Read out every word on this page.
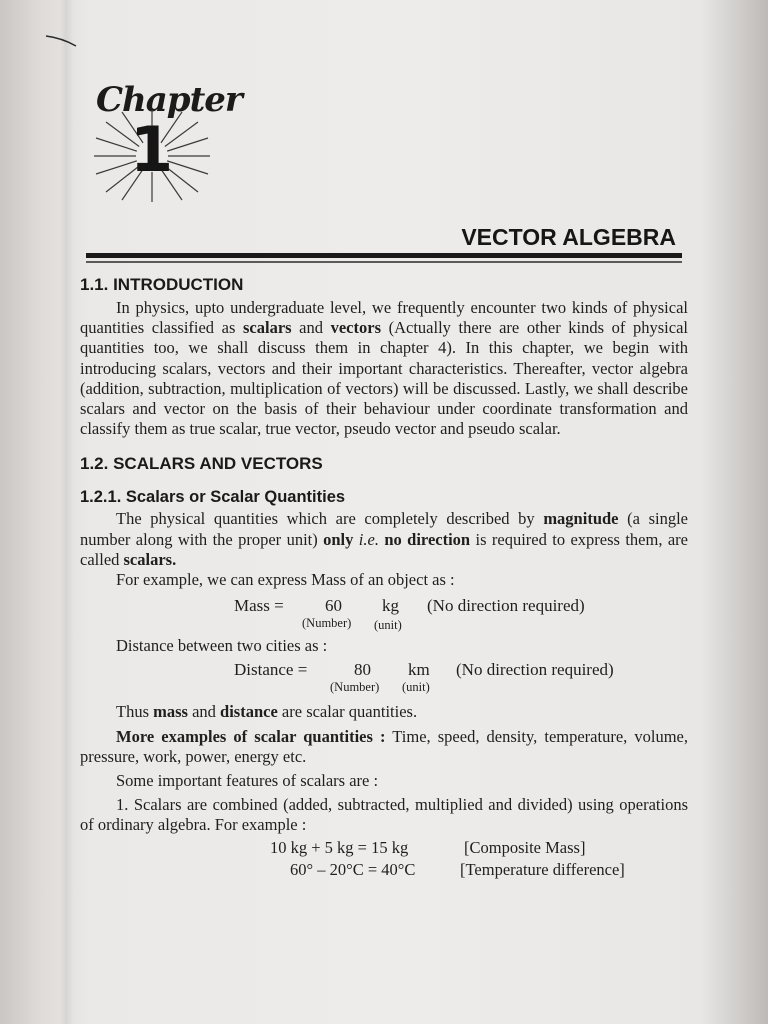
Chapter
1
VECTOR ALGEBRA
1.1. INTRODUCTION

In physics, upto undergraduate level, we frequently encounter two kinds of physical quantities classified as scalars and vectors (Actually there are other kinds of physical quantities too, we shall discuss them in chapter 4). In this chapter, we begin with introducing scalars, vectors and their important characteristics. Thereafter, vector algebra (addition, subtraction, multiplication of vectors) will be discussed. Lastly, we shall describe scalars and vector on the basis of their behaviour under coordinate transformation and classify them as true scalar, true vector, pseudo vector and pseudo scalar.

1.2. SCALARS AND VECTORS
1.2.1. Scalars or Scalar Quantities

The physical quantities which are completely described by magnitude (a single number along with the proper unit) only i.e. no direction is required to express them, are called scalars.

For example, we can express Mass of an object as :

Mass = 60 kg
(Number) (unit)
(No direction required)

Distance between two cities as :

Distance =	80 km
(Number) (unit)
(No direction required)

Thus mass and distance are scalar quantities.

More examples of scalar quantities : Time, speed, density, temperature, volume, pressure, work, power, energy etc.

Some important features of scalars are :

1. Scalars are combined (added, subtracted, multiplied and divided) using operations of ordinary algebra. For example :

10 kg + 5 kg = 15 kg	[Composite Mass]
60° – 20°C = 40°C	[Temperature difference]
